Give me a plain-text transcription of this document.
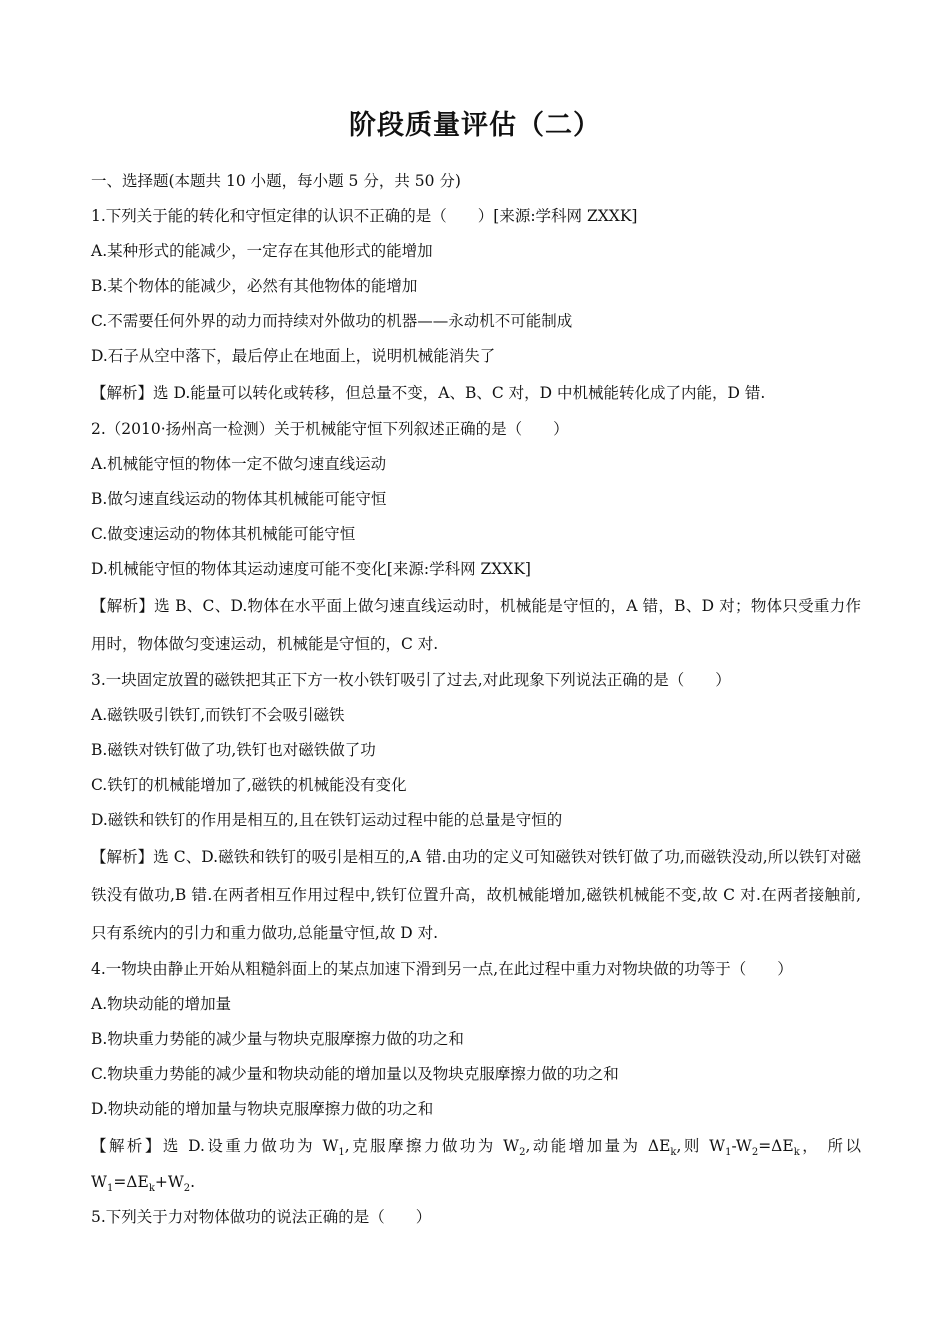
阶段质量评估（二）
一、选择题(本题共 10 小题，每小题 5 分，共 50 分)
1.下列关于能的转化和守恒定律的认识不正确的是（　　）[来源:学科网 ZXXK]
A.某种形式的能减少，一定存在其他形式的能增加
B.某个物体的能减少，必然有其他物体的能增加
C.不需要任何外界的动力而持续对外做功的机器——永动机不可能制成
D.石子从空中落下，最后停止在地面上，说明机械能消失了
【解析】选 D.能量可以转化或转移，但总量不变，A、B、C 对，D 中机械能转化成了内能，D 错.
2.（2010·扬州高一检测）关于机械能守恒下列叙述正确的是（　　）
A.机械能守恒的物体一定不做匀速直线运动
B.做匀速直线运动的物体其机械能可能守恒
C.做变速运动的物体其机械能可能守恒
D.机械能守恒的物体其运动速度可能不变化[来源:学科网 ZXXK]
【解析】选 B、C、D.物体在水平面上做匀速直线运动时，机械能是守恒的，A 错，B、D 对；物体只受重力作用时，物体做匀变速运动，机械能是守恒的，C 对.
3.一块固定放置的磁铁把其正下方一枚小铁钉吸引了过去,对此现象下列说法正确的是（　　）
A.磁铁吸引铁钉,而铁钉不会吸引磁铁
B.磁铁对铁钉做了功,铁钉也对磁铁做了功
C.铁钉的机械能增加了,磁铁的机械能没有变化
D.磁铁和铁钉的作用是相互的,且在铁钉运动过程中能的总量是守恒的
【解析】选 C、D.磁铁和铁钉的吸引是相互的,A 错.由功的定义可知磁铁对铁钉做了功,而磁铁没动,所以铁钉对磁铁没有做功,B 错.在两者相互作用过程中,铁钉位置升高，故机械能增加,磁铁机械能不变,故 C 对.在两者接触前,只有系统内的引力和重力做功,总能量守恒,故 D 对.
4.一物块由静止开始从粗糙斜面上的某点加速下滑到另一点,在此过程中重力对物块做的功等于（　　）
A.物块动能的增加量
B.物块重力势能的减少量与物块克服摩擦力做的功之和
C.物块重力势能的减少量和物块动能的增加量以及物块克服摩擦力做的功之和
D.物块动能的增加量与物块克服摩擦力做的功之和
【解析】选 D.设重力做功为 $W_1$,克服摩擦力做功为 $W_2$,动能增加量为 $\Delta E_k$,则 $W_1-W_2=\Delta E_k$， 所以
$W_1=\Delta E_k+W_2$.
5.下列关于力对物体做功的说法正确的是（　　）
